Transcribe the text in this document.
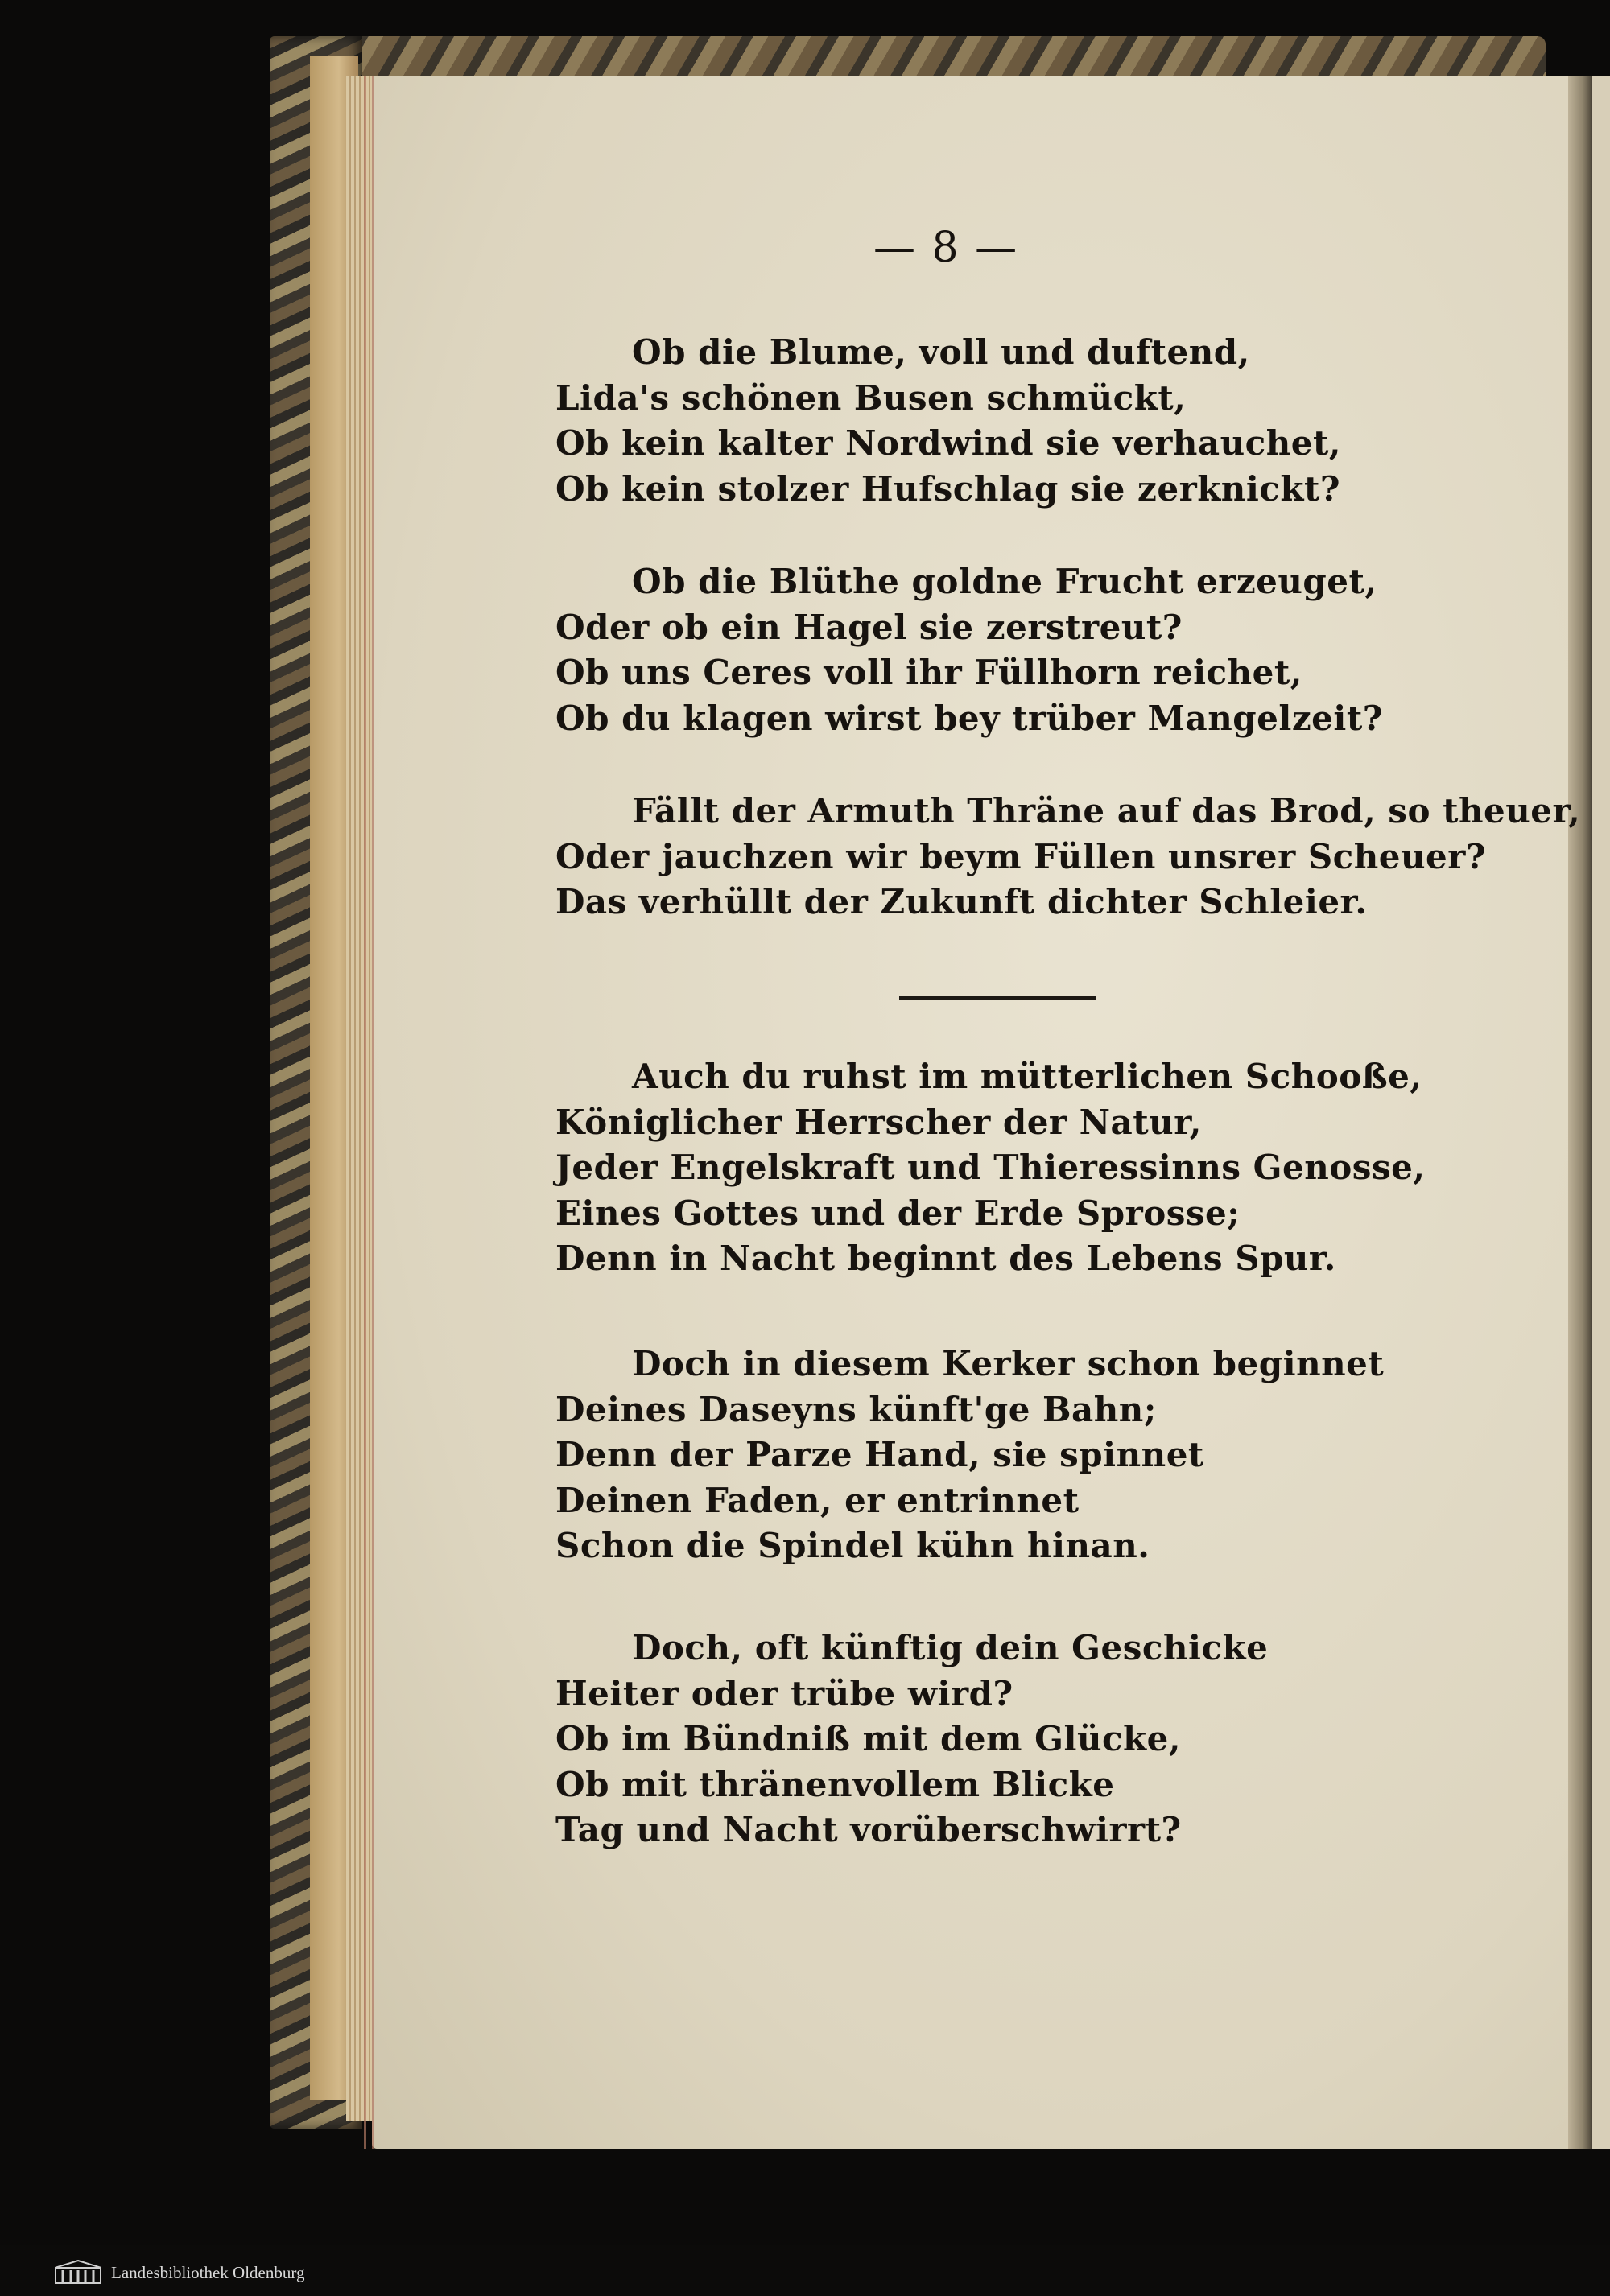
— 8 —
Ob die Blume, voll und duftend,
Lida's schönen Busen schmückt,
Ob kein kalter Nordwind sie verhauchet,
Ob kein stolzer Hufschlag sie zerknickt?
Ob die Blüthe goldne Frucht erzeuget,
Oder ob ein Hagel sie zerstreut?
Ob uns Ceres voll ihr Füllhorn reichet,
Ob du klagen wirst bey trüber Mangelzeit?
Fällt der Armuth Thräne auf das Brod, so theuer,
Oder jauchzen wir beym Füllen unsrer Scheuer?
Das verhüllt der Zukunft dichter Schleier.
Auch du ruhst im mütterlichen Schooße,
Königlicher Herrscher der Natur,
Jeder Engelskraft und Thieressinns Genosse,
Eines Gottes und der Erde Sprosse;
Denn in Nacht beginnt des Lebens Spur.
Doch in diesem Kerker schon beginnet
Deines Daseyns künft'ge Bahn;
Denn der Parze Hand, sie spinnet
Deinen Faden, er entrinnet
Schon die Spindel kühn hinan.
Doch, oft künftig dein Geschicke
Heiter oder trübe wird?
Ob im Bündniß mit dem Glücke,
Ob mit thränenvollem Blicke
Tag und Nacht vorüberschwirrt?
Landesbibliothek Oldenburg
